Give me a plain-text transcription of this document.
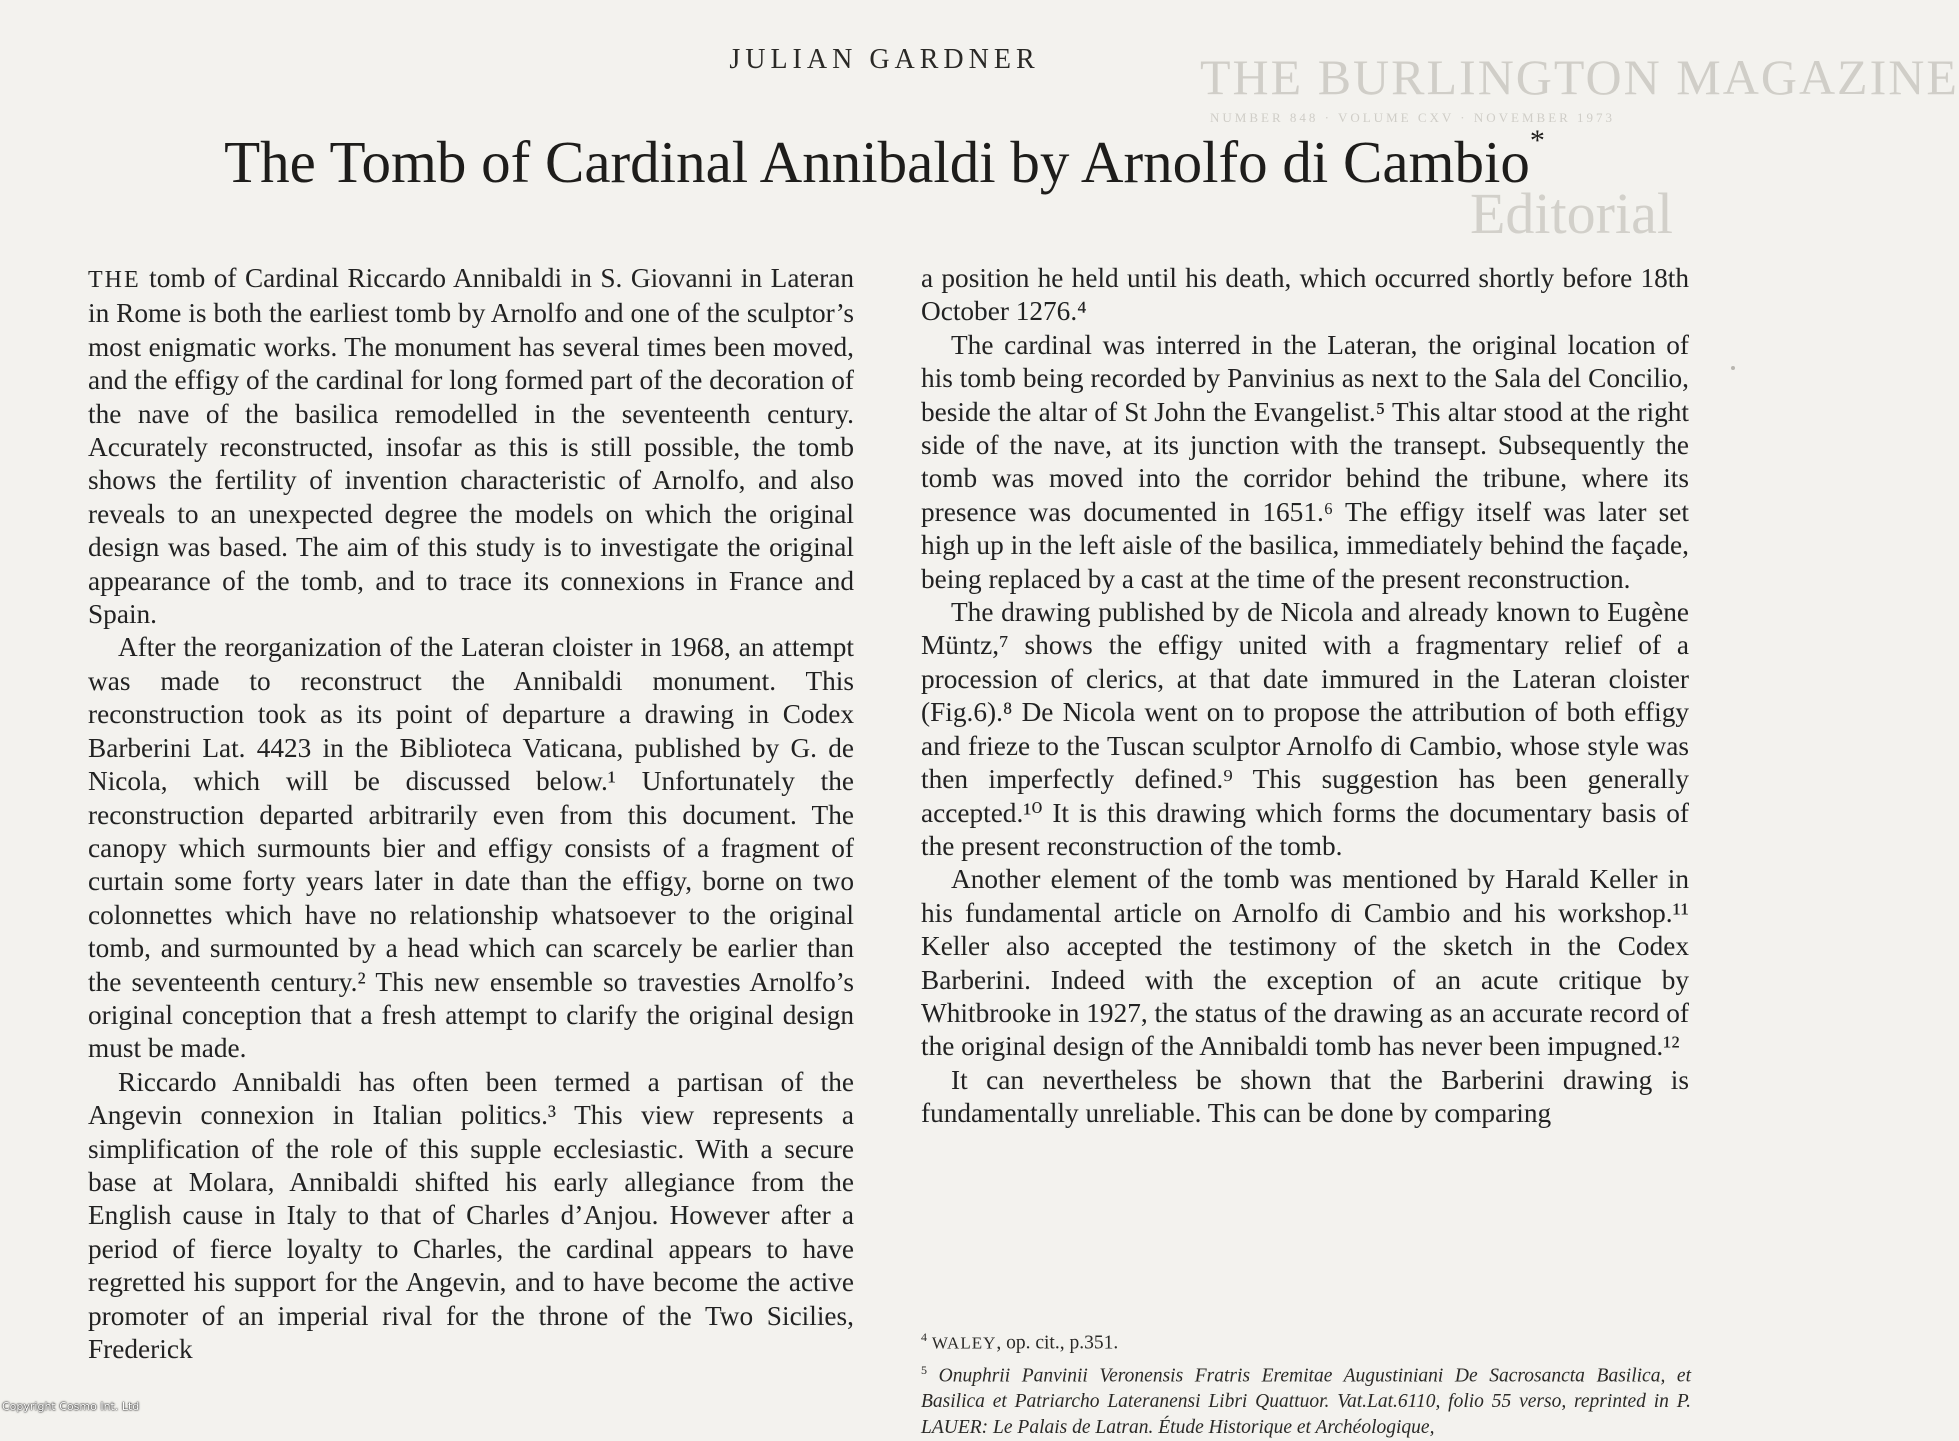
THE BURLINGTON MAGAZINE
NUMBER 848 · VOLUME CXV · NOVEMBER 1973
Editorial
JULIAN GARDNER
The Tomb of Cardinal Annibaldi by Arnolfo di Cambio*

THE tomb of Cardinal Riccardo Annibaldi in S. Giovanni in Lateran in Rome is both the earliest tomb by Arnolfo and one of the sculptor’s most enigmatic works. The monument has several times been moved, and the effigy of the cardinal for long formed part of the decoration of the nave of the basilica remodelled in the seventeenth century. Accurately reconstructed, insofar as this is still possible, the tomb shows the fertility of invention characteristic of Arnolfo, and also reveals to an unexpected degree the models on which the original design was based. The aim of this study is to investigate the original appearance of the tomb, and to trace its connexions in France and Spain.

After the reorganization of the Lateran cloister in 1968, an attempt was made to reconstruct the Annibaldi monument. This reconstruction took as its point of departure a drawing in Codex Barberini Lat. 4423 in the Biblioteca Vaticana, published by G. de Nicola, which will be discussed below.¹ Unfortunately the reconstruction departed arbitrarily even from this document. The canopy which surmounts bier and effigy consists of a fragment of curtain some forty years later in date than the effigy, borne on two colonnettes which have no relationship whatsoever to the original tomb, and surmounted by a head which can scarcely be earlier than the seventeenth century.² This new ensemble so travesties Arnolfo’s original conception that a fresh attempt to clarify the original design must be made.

Riccardo Annibaldi has often been termed a partisan of the Angevin connexion in Italian politics.³ This view represents a simplification of the role of this supple ecclesiastic. With a secure base at Molara, Annibaldi shifted his early allegiance from the English cause in Italy to that of Charles d’Anjou. However after a period of fierce loyalty to Charles, the cardinal appears to have regretted his support for the Angevin, and to have become the active promoter of an imperial rival for the throne of the Two Sicilies, Frederick

a position he held until his death, which occurred shortly before 18th October 1276.⁴

The cardinal was interred in the Lateran, the original location of his tomb being recorded by Panvinius as next to the Sala del Concilio, beside the altar of St John the Evangelist.⁵ This altar stood at the right side of the nave, at its junction with the transept. Subsequently the tomb was moved into the corridor behind the tribune, where its presence was documented in 1651.⁶ The effigy itself was later set high up in the left aisle of the basilica, immediately behind the façade, being replaced by a cast at the time of the present reconstruction.

The drawing published by de Nicola and already known to Eugène Müntz,⁷ shows the effigy united with a fragmentary relief of a procession of clerics, at that date immured in the Lateran cloister (Fig.6).⁸ De Nicola went on to propose the attribution of both effigy and frieze to the Tuscan sculptor Arnolfo di Cambio, whose style was then imperfectly defined.⁹ This suggestion has been generally accepted.¹⁰ It is this drawing which forms the documentary basis of the present reconstruction of the tomb.

Another element of the tomb was mentioned by Harald Keller in his fundamental article on Arnolfo di Cambio and his workshop.¹¹ Keller also accepted the testimony of the sketch in the Codex Barberini. Indeed with the exception of an acute critique by Whitbrooke in 1927, the status of the drawing as an accurate record of the original design of the Annibaldi tomb has never been impugned.¹²

It can nevertheless be shown that the Barberini drawing is fundamentally unreliable. This can be done by comparing

$^4$ WALEY, op. cit., p.351.

$^5$ Onuphrii Panvinii Veronensis Fratris Eremitae Augustiniani De Sacrosancta Basilica, et Basilica et Patriarcho Lateranensi Libri Quattuor. Vat.Lat.6110, folio 55 verso, reprinted in P. LAUER: Le Palais de Latran. Étude Historique et Archéologique,

Copyright Cosmo Int. Ltd
